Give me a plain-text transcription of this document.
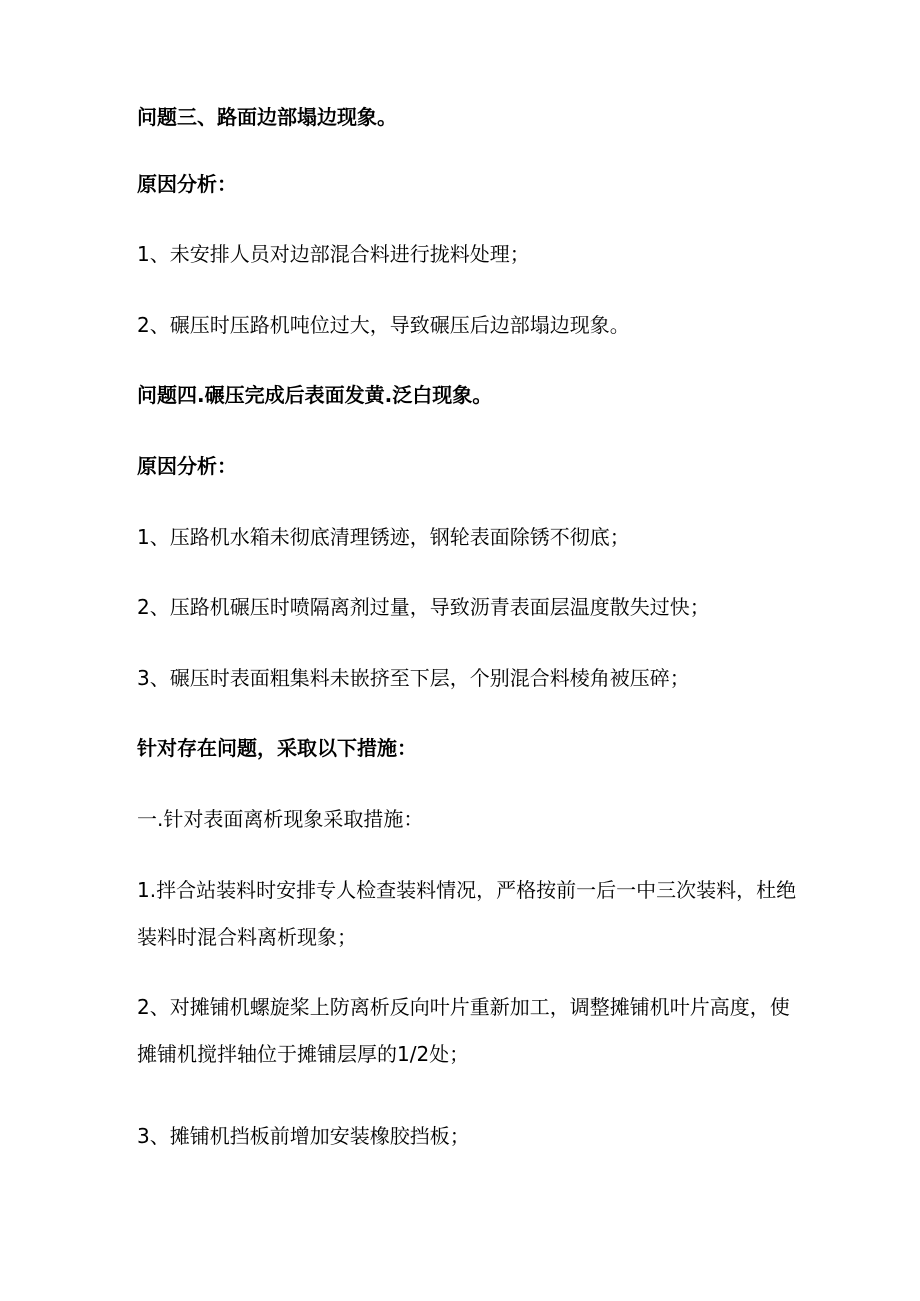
问题三、路面边部塌边现象。

原因分析：

1、未安排人员对边部混合料进行拢料处理；

2、碾压时压路机吨位过大，导致碾压后边部塌边现象。

问题四.碾压完成后表面发黄.泛白现象。

原因分析：

1、压路机水箱未彻底清理锈迹，钢轮表面除锈不彻底；

2、压路机碾压时喷隔离剂过量，导致沥青表面层温度散失过快；

3、碾压时表面粗集料未嵌挤至下层，个别混合料棱角被压碎；

针对存在问题，采取以下措施：

一.针对表面离析现象采取措施：

1.拌合站装料时安排专人检查装料情况，严格按前一后一中三次装料，杜绝装料时混合料离析现象；

2、对摊铺机螺旋桨上防离析反向叶片重新加工，调整摊铺机叶片高度，使摊铺机搅拌轴位于摊铺层厚的1/2处；

3、摊铺机挡板前增加安装橡胶挡板；
